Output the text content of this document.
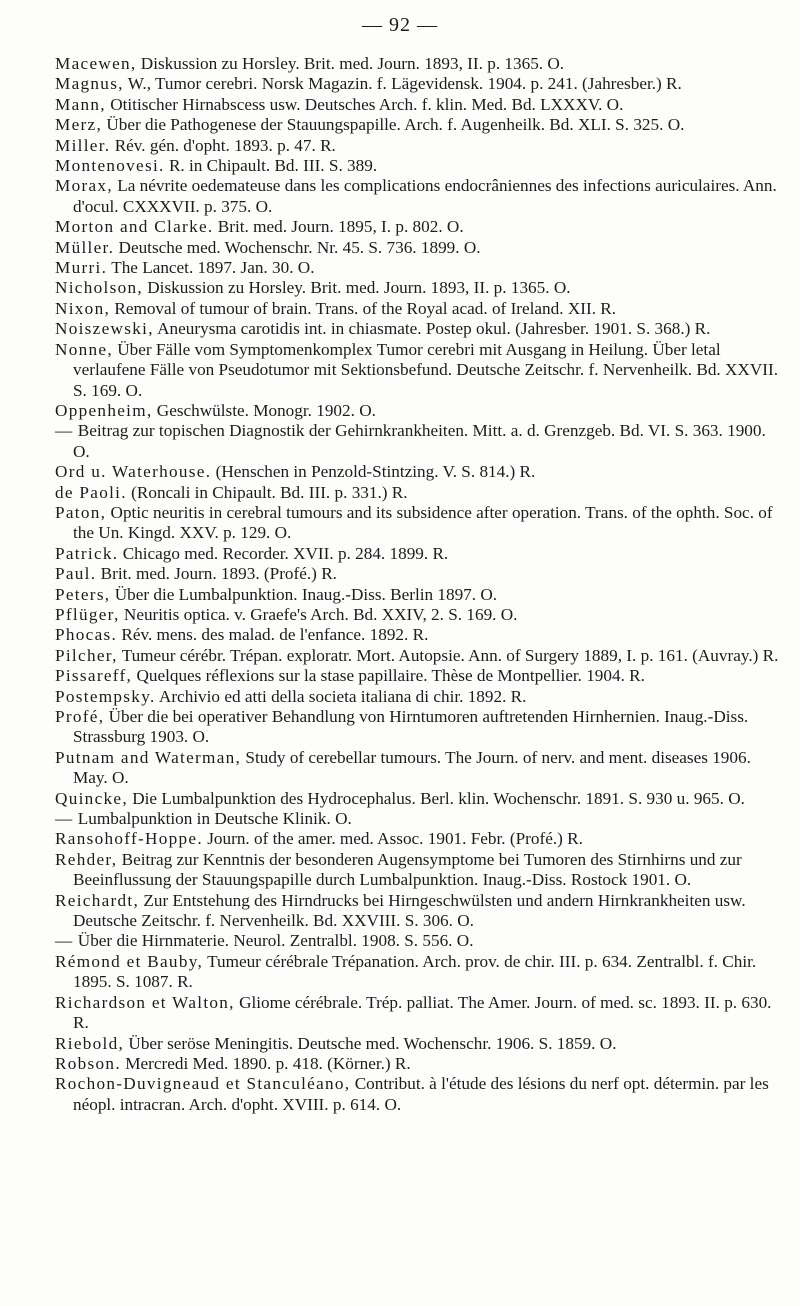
— 92 —
Macewen, Diskussion zu Horsley. Brit. med. Journ. 1893, II. p. 1365. O.
Magnus, W., Tumor cerebri. Norsk Magazin. f. Lägevidensk. 1904. p. 241. (Jahresber.) R.
Mann, Otitischer Hirnabscess usw. Deutsches Arch. f. klin. Med. Bd. LXXXV. O.
Merz, Über die Pathogenese der Stauungspapille. Arch. f. Augenheilk. Bd. XLI. S. 325. O.
Miller. Rév. gén. d'opht. 1893. p. 47. R.
Montenovesi. R. in Chipault. Bd. III. S. 389.
Morax, La névrite oedemateuse dans les complications endocrâniennes des infections auriculaires. Ann. d'ocul. CXXXVII. p. 375. O.
Morton and Clarke. Brit. med. Journ. 1895, I. p. 802. O.
Müller. Deutsche med. Wochenschr. Nr. 45. S. 736. 1899. O.
Murri. The Lancet. 1897. Jan. 30. O.
Nicholson, Diskussion zu Horsley. Brit. med. Journ. 1893, II. p. 1365. O.
Nixon, Removal of tumour of brain. Trans. of the Royal acad. of Ireland. XII. R.
Noiszewski, Aneurysma carotidis int. in chiasmate. Postep okul. (Jahresber. 1901. S. 368.) R.
Nonne, Über Fälle vom Symptomenkomplex Tumor cerebri mit Ausgang in Heilung. Über letal verlaufene Fälle von Pseudotumor mit Sektionsbefund. Deutsche Zeitschr. f. Nervenheilk. Bd. XXVII. S. 169. O.
Oppenheim, Geschwülste. Monogr. 1902. O.
— Beitrag zur topischen Diagnostik der Gehirnkrankheiten. Mitt. a. d. Grenzgeb. Bd. VI. S. 363. 1900. O.
Ord u. Waterhouse. (Henschen in Penzold-Stintzing. V. S. 814.) R.
de Paoli. (Roncali in Chipault. Bd. III. p. 331.) R.
Paton, Optic neuritis in cerebral tumours and its subsidence after operation. Trans. of the ophth. Soc. of the Un. Kingd. XXV. p. 129. O.
Patrick. Chicago med. Recorder. XVII. p. 284. 1899. R.
Paul. Brit. med. Journ. 1893. (Profé.) R.
Peters, Über die Lumbalpunktion. Inaug.-Diss. Berlin 1897. O.
Pflüger, Neuritis optica. v. Graefe's Arch. Bd. XXIV, 2. S. 169. O.
Phocas. Rév. mens. des malad. de l'enfance. 1892. R.
Pilcher, Tumeur cérébr. Trépan. exploratr. Mort. Autopsie. Ann. of Surgery 1889, I. p. 161. (Auvray.) R.
Pissareff, Quelques réflexions sur la stase papillaire. Thèse de Montpellier. 1904. R.
Postempsky. Archivio ed atti della societa italiana di chir. 1892. R.
Profé, Über die bei operativer Behandlung von Hirntumoren auftretenden Hirnhernien. Inaug.-Diss. Strassburg 1903. O.
Putnam and Waterman, Study of cerebellar tumours. The Journ. of nerv. and ment. diseases 1906. May. O.
Quincke, Die Lumbalpunktion des Hydrocephalus. Berl. klin. Wochenschr. 1891. S. 930 u. 965. O.
— Lumbalpunktion in Deutsche Klinik. O.
Ransohoff-Hoppe. Journ. of the amer. med. Assoc. 1901. Febr. (Profé.) R.
Rehder, Beitrag zur Kenntnis der besonderen Augensymptome bei Tumoren des Stirnhirns und zur Beeinflussung der Stauungspapille durch Lumbalpunktion. Inaug.-Diss. Rostock 1901. O.
Reichardt, Zur Entstehung des Hirndrucks bei Hirngeschwülsten und andern Hirnkrankheiten usw. Deutsche Zeitschr. f. Nervenheilk. Bd. XXVIII. S. 306. O.
— Über die Hirnmaterie. Neurol. Zentralbl. 1908. S. 556. O.
Rémond et Bauby, Tumeur cérébrale Trépanation. Arch. prov. de chir. III. p. 634. Zentralbl. f. Chir. 1895. S. 1087. R.
Richardson et Walton, Gliome cérébrale. Trép. palliat. The Amer. Journ. of med. sc. 1893. II. p. 630. R.
Riebold, Über seröse Meningitis. Deutsche med. Wochenschr. 1906. S. 1859. O.
Robson. Mercredi Med. 1890. p. 418. (Körner.) R.
Rochon-Duvigneaud et Stanculéano, Contribut. à l'étude des lésions du nerf opt. détermin. par les néopl. intracran. Arch. d'opht. XVIII. p. 614. O.
